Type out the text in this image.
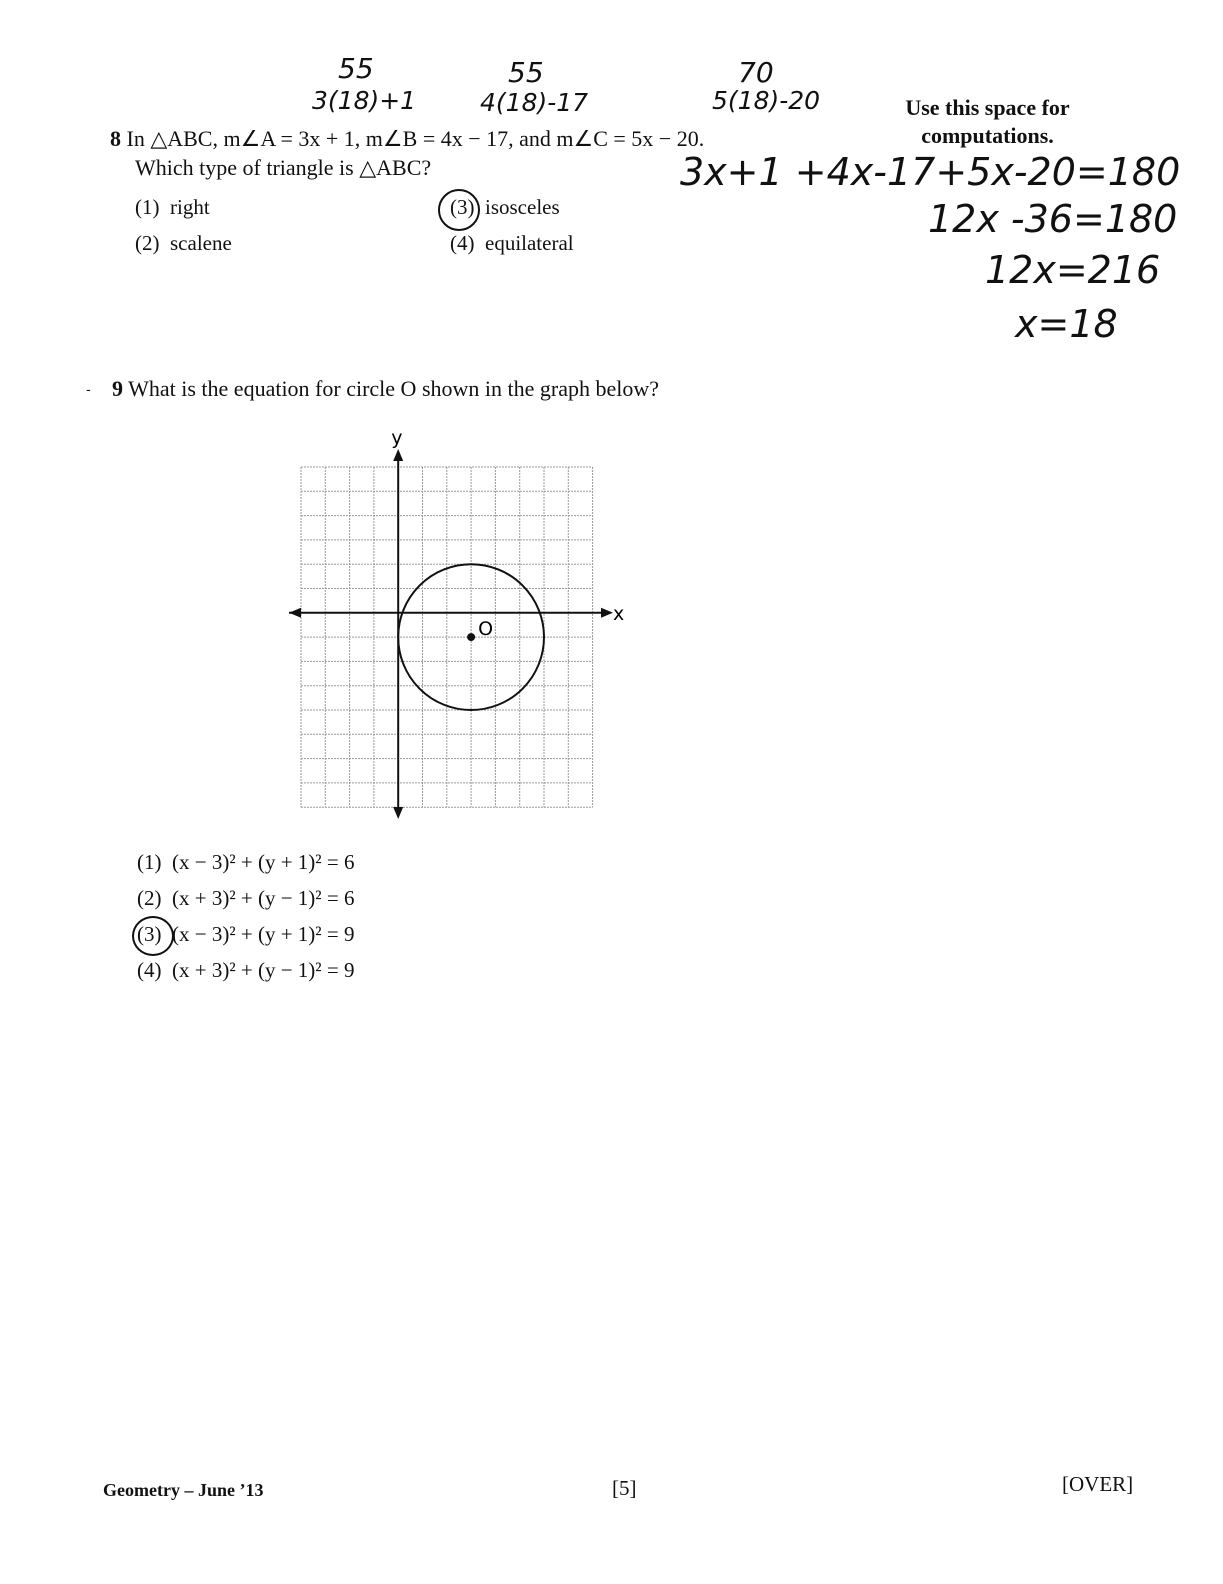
Use this space for
computations.
55
3(18)+1
55
4(18)-17
70
5(18)-20
8 In △ABC, m∠A = 3x + 1, m∠B = 4x − 17, and m∠C = 5x − 20.
Which type of triangle is △ABC?
(1) right
(2) scalene
(3) isosceles
(4) equilateral
3x+1 +4x-17+5x-20=180
12x -36=180
12x=216
x=18
- 9 What is the equation for circle O shown in the graph below?
O
y
x
(1) (x − 3)² + (y + 1)² = 6
(2) (x + 3)² + (y − 1)² = 6
(3) (x − 3)² + (y + 1)² = 9
(4) (x + 3)² + (y − 1)² = 9
Geometry – June ’13	[5]	[OVER]
